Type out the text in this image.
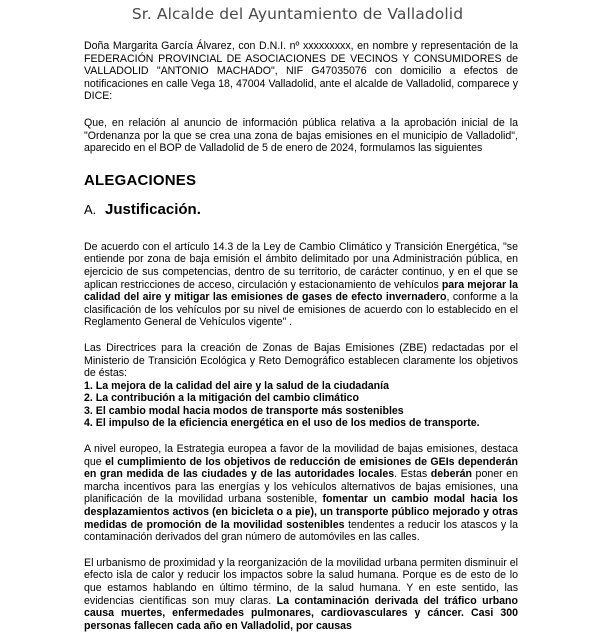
Sr. Alcalde del Ayuntamiento de Valladolid

Doña Margarita García Álvarez, con D.N.I. nº xxxxxxxxx, en nombre y representación de la FEDERACIÓN PROVINCIAL DE ASOCIACIONES DE VECINOS Y CONSUMIDORES de VALLADOLID "ANTONIO MACHADO", NIF G47035076 con domicilio a efectos de notificaciones en calle Vega 18, 47004 Valladolid, ante el alcalde de Valladolid, comparece y DICE:

Que, en relación al anuncio de información pública relativa a la aprobación inicial de la "Ordenanza por la que se crea una zona de bajas emisiones en el municipio de Valladolid", aparecido en el BOP de Valladolid de 5 de enero de 2024, formulamos las siguientes

ALEGACIONES
A. Justificación.

De acuerdo con el artículo 14.3 de la Ley de Cambio Climático y Transición Energética, "se entiende por zona de baja emisión el ámbito delimitado por una Administración pública, en ejercicio de sus competencias, dentro de su territorio, de carácter continuo, y en el que se aplican restricciones de acceso, circulación y estacionamiento de vehículos para mejorar la calidad del aire y mitigar las emisiones de gases de efecto invernadero, conforme a la clasificación de los vehículos por su nivel de emisiones de acuerdo con lo establecido en el Reglamento General de Vehículos vigente" .

Las Directrices para la creación de Zonas de Bajas Emisiones (ZBE) redactadas por el Ministerio de Transición Ecológica y Reto Demográfico establecen claramente los objetivos de éstas:

1. La mejora de la calidad del aire y la salud de la ciudadanía
2. La contribución a la mitigación del cambio climático
3. El cambio modal hacia modos de transporte más sostenibles
4. El impulso de la eficiencia energética en el uso de los medios de transporte.

A nivel europeo, la Estrategia europea a favor de la movilidad de bajas emisiones, destaca que el cumplimiento de los objetivos de reducción de emisiones de GEIs dependerán en gran medida de las ciudades y de las autoridades locales. Estas deberán poner en marcha incentivos para las energías y los vehículos alternativos de bajas emisiones, una planificación de la movilidad urbana sostenible, fomentar un cambio modal hacia los desplazamientos activos (en bicicleta o a pie), un transporte público mejorado y otras medidas de promoción de la movilidad sostenibles tendentes a reducir los atascos y la contaminación derivados del gran número de automóviles en las calles.

El urbanismo de proximidad y la reorganización de la movilidad urbana permiten disminuir el efecto isla de calor y reducir los impactos sobre la salud humana. Porque es de esto de lo que estamos hablando en último término, de la salud humana. Y en este sentido, las evidencias científicas son muy claras. La contaminación derivada del tráfico urbano causa muertes, enfermedades pulmonares, cardiovasculares y cáncer. Casi 300 personas fallecen cada año en Valladolid, por causas
